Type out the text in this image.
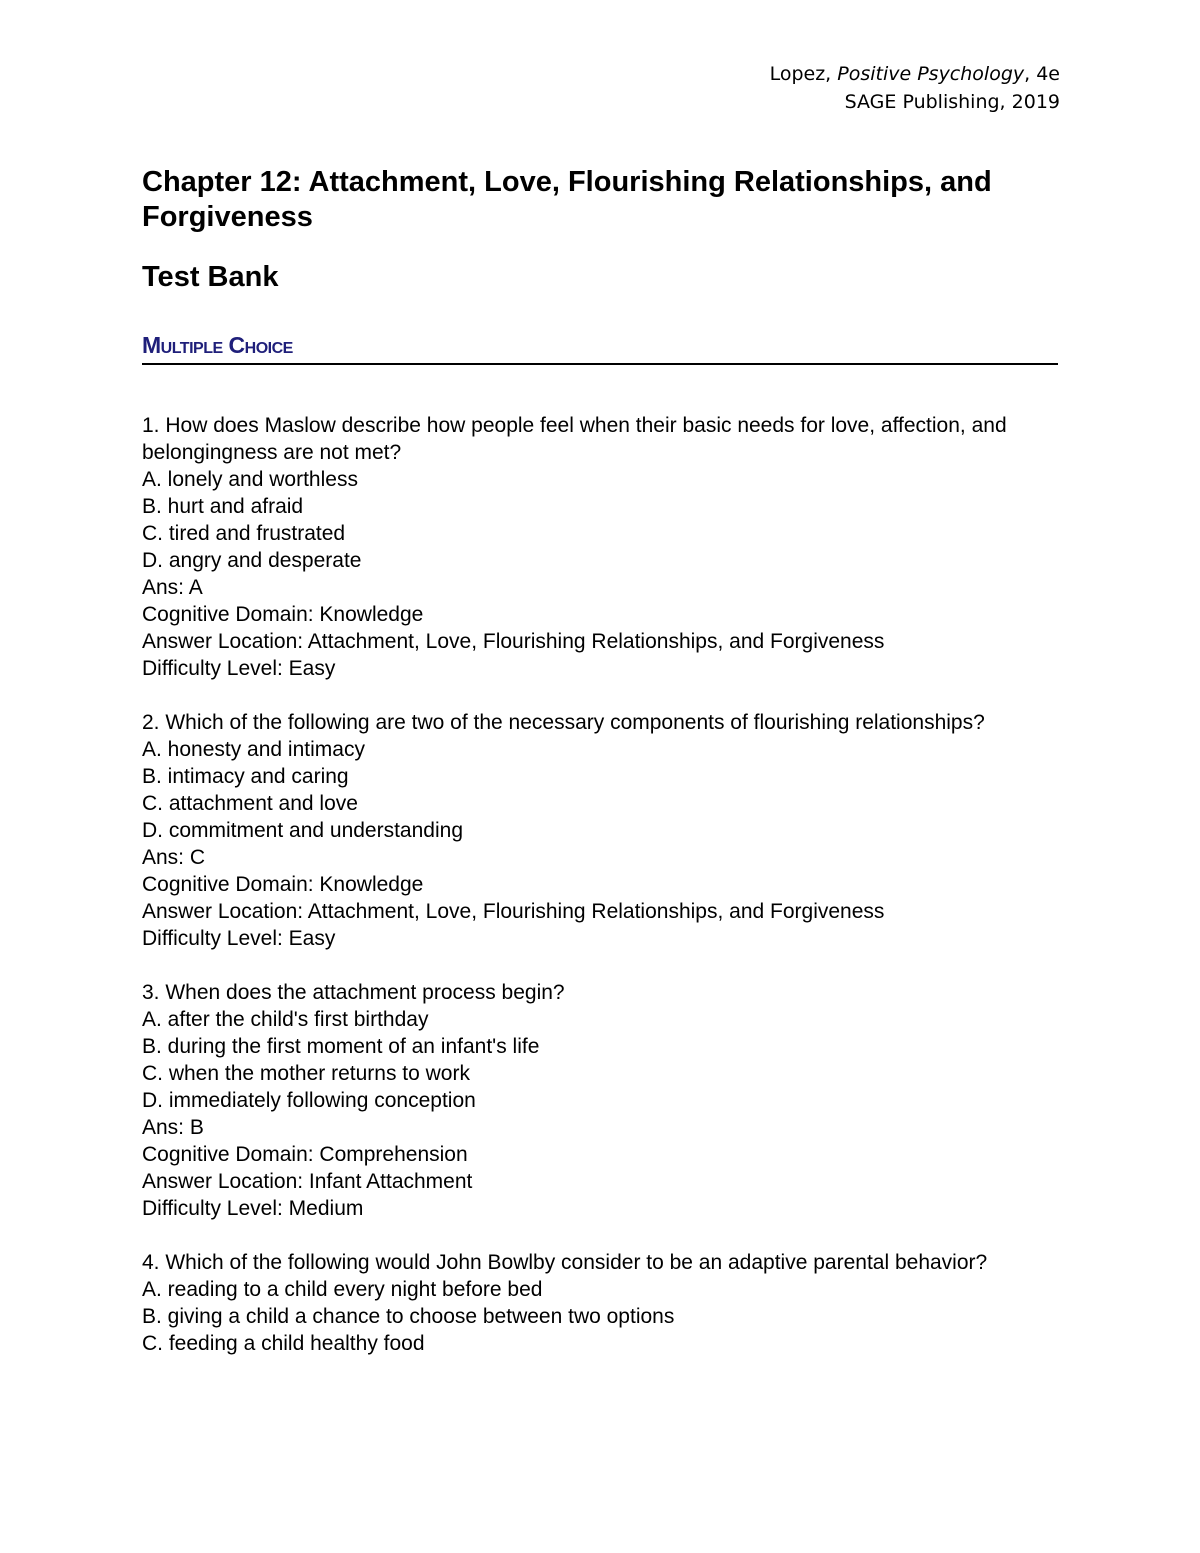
Lopez, Positive Psychology, 4e
SAGE Publishing, 2019
Chapter 12: Attachment, Love, Flourishing Relationships, and Forgiveness
Test Bank
Multiple Choice

1. How does Maslow describe how people feel when their basic needs for love, affection, and belongingness are not met?

A. lonely and worthless

B. hurt and afraid

C. tired and frustrated

D. angry and desperate

Ans: A

Cognitive Domain: Knowledge

Answer Location: Attachment, Love, Flourishing Relationships, and Forgiveness

Difficulty Level: Easy

2. Which of the following are two of the necessary components of flourishing relationships?

A. honesty and intimacy

B. intimacy and caring

C. attachment and love

D. commitment and understanding

Ans: C

Cognitive Domain: Knowledge

Answer Location: Attachment, Love, Flourishing Relationships, and Forgiveness

Difficulty Level: Easy

3. When does the attachment process begin?

A. after the child's first birthday

B. during the first moment of an infant's life

C. when the mother returns to work

D. immediately following conception

Ans: B

Cognitive Domain: Comprehension

Answer Location: Infant Attachment

Difficulty Level: Medium

4. Which of the following would John Bowlby consider to be an adaptive parental behavior?

A. reading to a child every night before bed

B. giving a child a chance to choose between two options

C. feeding a child healthy food
